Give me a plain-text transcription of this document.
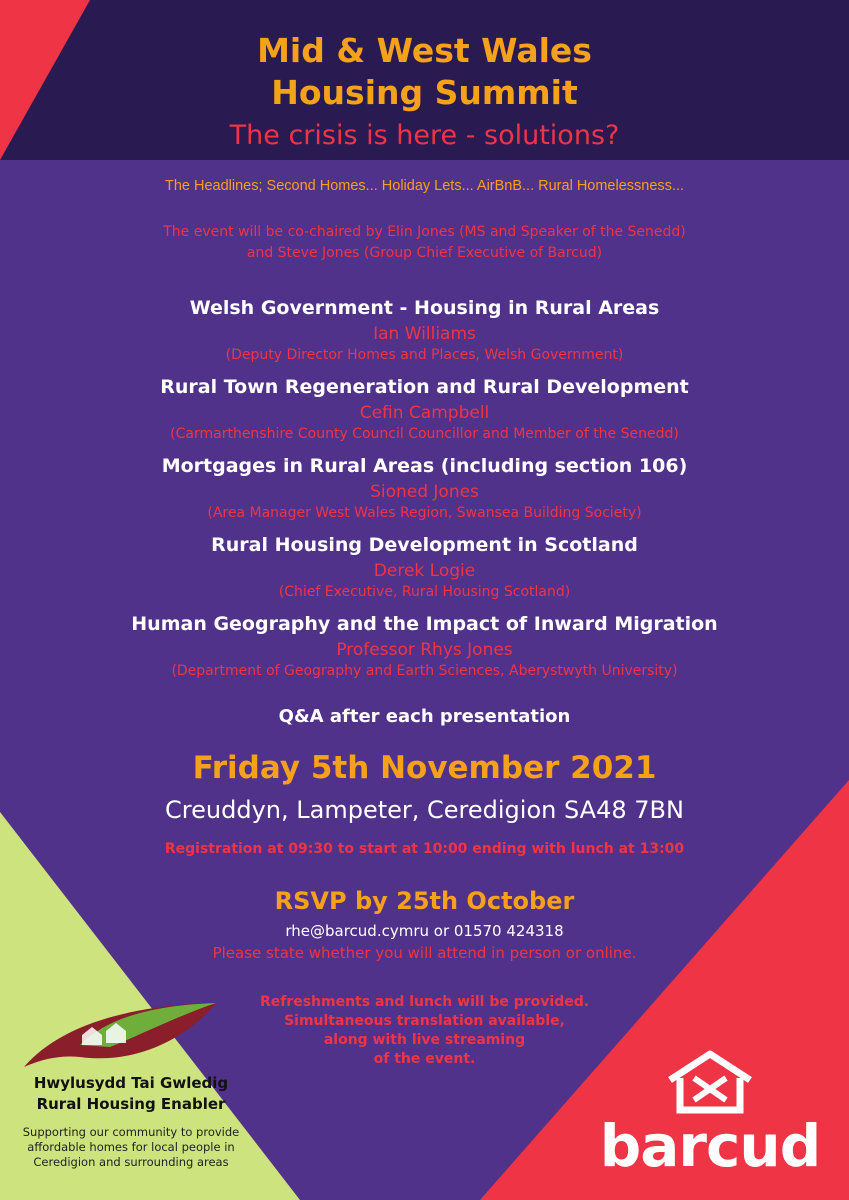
Mid & West Wales

Housing Summit

The crisis is here - solutions?

The Headlines; Second Homes... Holiday Lets... AirBnB... Rural Homelessness...

The event will be co-chaired by Elin Jones (MS and Speaker of the Senedd)

and Steve Jones (Group Chief Executive of Barcud)

Welsh Government - Housing in Rural Areas

Ian Williams

(Deputy Director Homes and Places, Welsh Government)

Rural Town Regeneration and Rural Development

Cefin Campbell

(Carmarthenshire County Council Councillor and Member of the Senedd)

Mortgages in Rural Areas (including section 106)

Sioned Jones

(Area Manager West Wales Region, Swansea Building Society)

Rural Housing Development in Scotland

Derek Logie

(Chief Executive, Rural Housing Scotland)

Human Geography and the Impact of Inward Migration

Professor Rhys Jones

(Department of Geography and Earth Sciences, Aberystwyth University)

Q&A after each presentation

Friday 5th November 2021

Creuddyn, Lampeter, Ceredigion SA48 7BN

Registration at 09:30 to start at 10:00 ending with lunch at 13:00

RSVP by 25th October

rhe@barcud.cymru or 01570 424318

Please state whether you will attend in person or online.

Refreshments and lunch will be provided.

Simultaneous translation available,

along with live streaming

of the event.

Hwylusydd Tai Gwledig

Rural Housing Enabler

Supporting our community to provide

affordable homes for local people in

Ceredigion and surrounding areas	barcud
